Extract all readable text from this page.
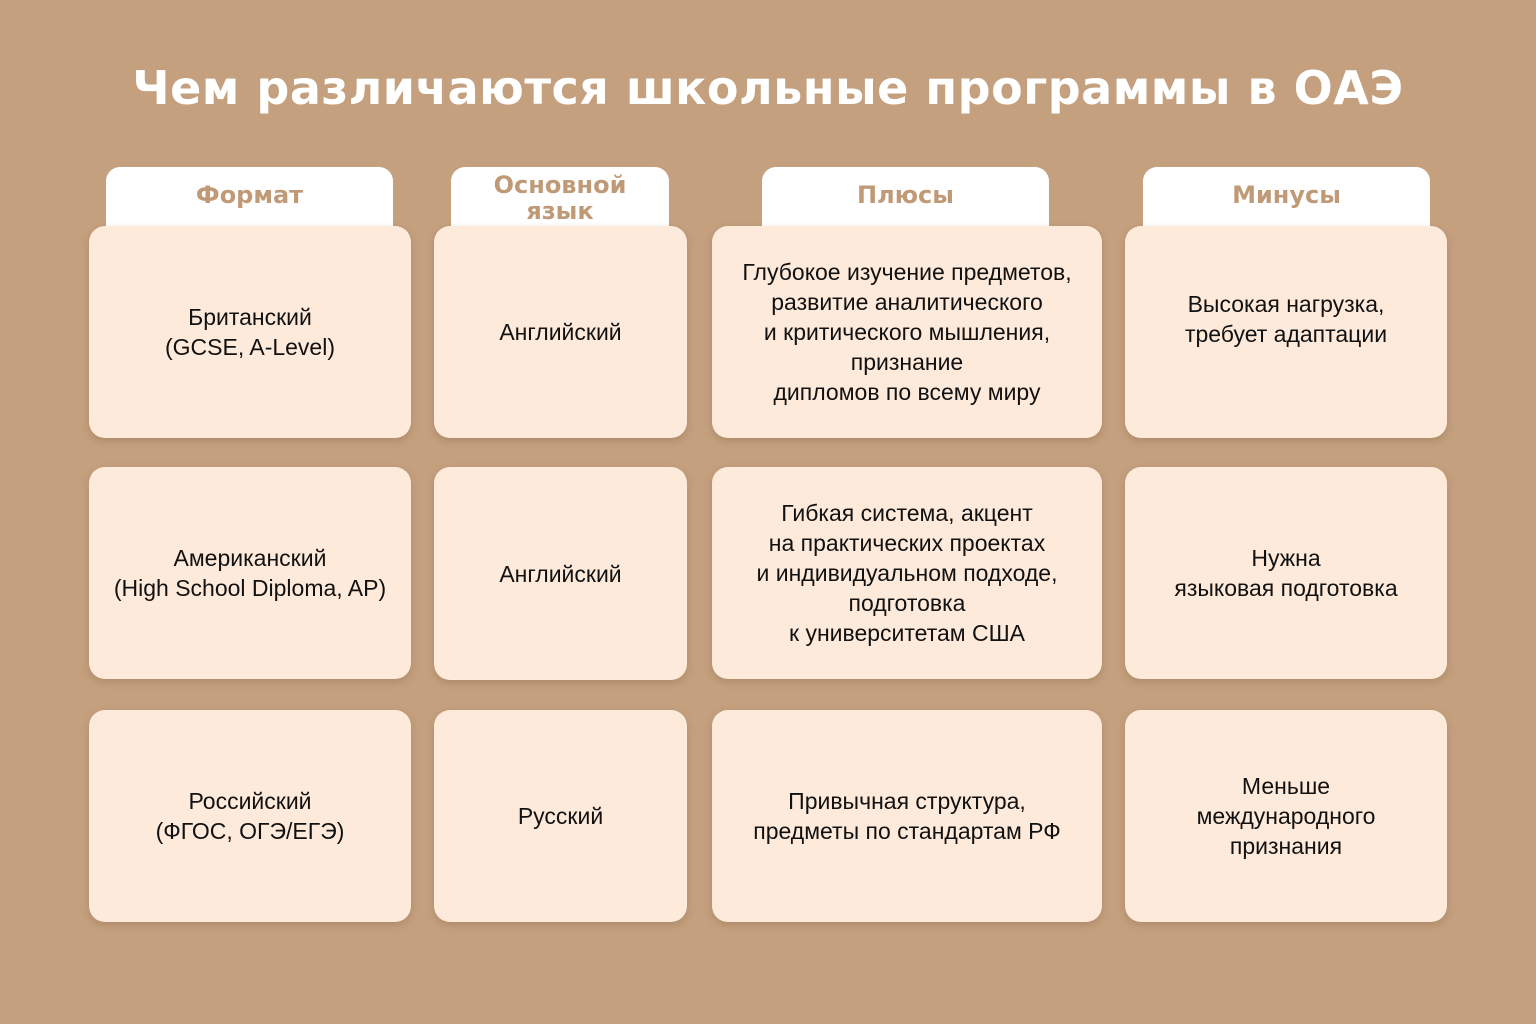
Чем различаются школьные программы в ОАЭ
Формат	Основной
язык
Плюсы	Минусы
Британский
(GCSE, A-Level)
Английский
Глубокое изучение предметов,
развитие аналитического
и критического мышления,
признание
дипломов по всему миру
Высокая нагрузка,
требует адаптации
Американский
(High School Diploma, AP)
Английский
Гибкая система, акцент
на практических проектах
и индивидуальном подходе,
подготовка
к университетам США
Нужна
языковая подготовка
Российский
(ФГОС, ОГЭ/ЕГЭ)
Русский
Привычная структура,
предметы по стандартам РФ
Меньше
международного
признания
